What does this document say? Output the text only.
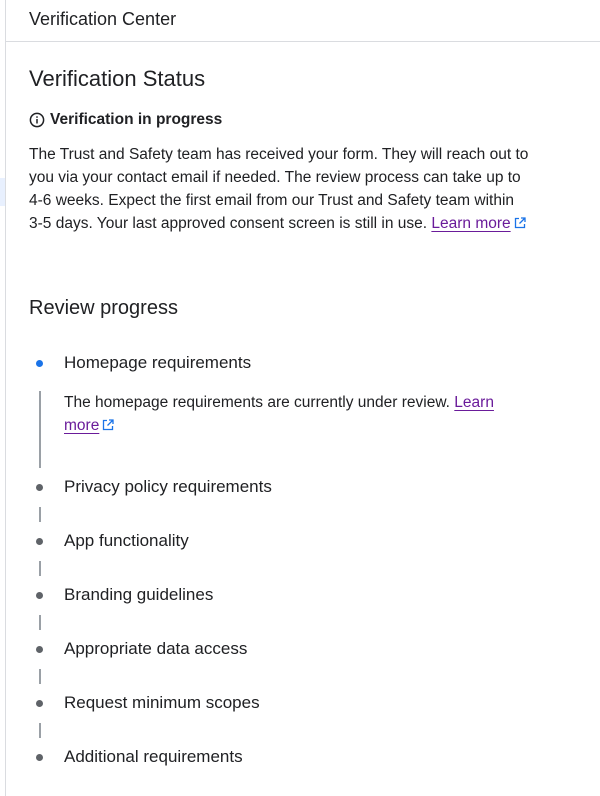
Verification Center
Verification Status
Verification in progress

The Trust and Safety team has received your form. They will reach out to you via your contact email if needed. The review process can take up to 4-6 weeks. Expect the first email from our Trust and Safety team within 3-5 days. Your last approved consent screen is still in use. Learn more

Review progress
Homepage requirements

The homepage requirements are currently under review. Learn more

Privacy policy requirements
App functionality
Branding guidelines
Appropriate data access
Request minimum scopes
Additional requirements
